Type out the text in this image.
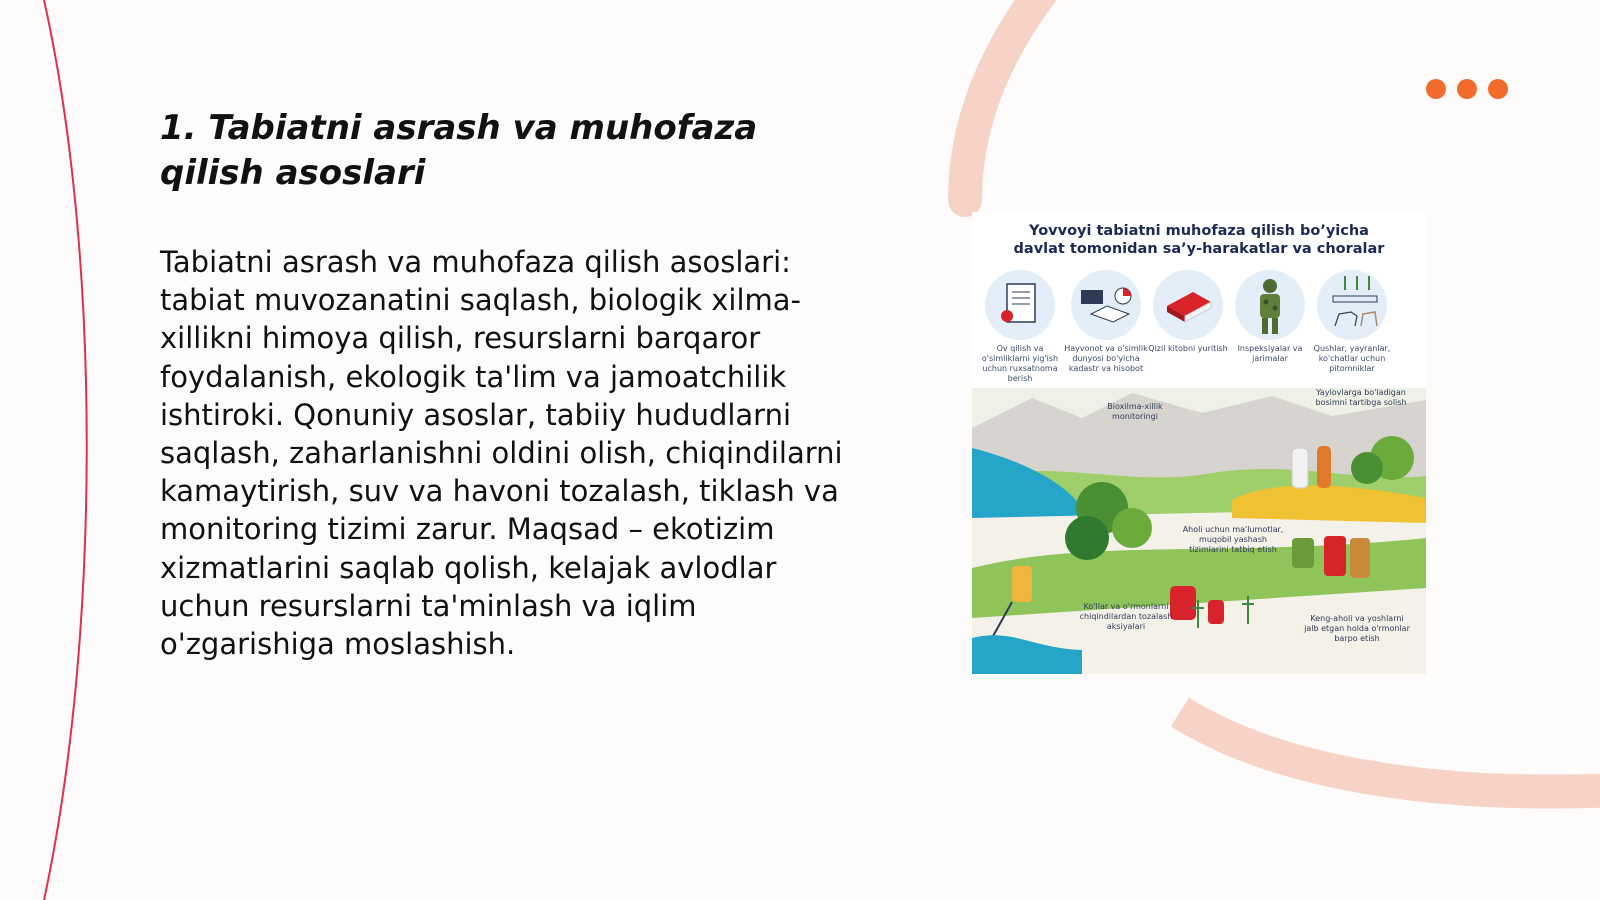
1. Tabiatni asrash va muhofaza qilish asoslari

Tabiatni asrash va muhofaza qilish asoslari: tabiat muvozanatini saqlash, biologik xilma-xillikni himoya qilish, resurslarni barqaror foydalanish, ekologik ta'lim va jamoatchilik ishtiroki. Qonuniy asoslar, tabiiy hududlarni saqlash, zaharlanishni oldini olish, chiqindilarni kamaytirish, suv va havoni tozalash, tiklash va monitoring tizimi zarur. Maqsad – ekotizim xizmatlarini saqlab qolish, kelajak avlodlar uchun resurslarni ta'minlash va iqlim o'zgarishiga moslashish.

Yovvoyi tabiatni muhofaza qilish bo’yicha
davlat tomonidan sa’y-harakatlar va choralar
Ov qilish va o'simliklarni yig'ish uchun ruxsatnoma berish
Hayvonot va o'simlik dunyosi bo'yicha kadastr va hisobot
Qizil kitobni yuritish	Inspeksiyalar va jarimalar
Qushlar, yayranlar, ko'chatlar uchun pitomniklar
Bioxilma-xillik monitoringi
Yaylovlarga bo'ladigan bosimni tartibga solish
Aholi uchun ma'lumotlar, muqobil yashash tizimlarini tatbiq etish
Ko'llar va o'rmonlarni chiqindilardan tozalash aksiyalari
Keng-aholi va yoshlarni jalb etgan holda o'rmonlar barpo etish
